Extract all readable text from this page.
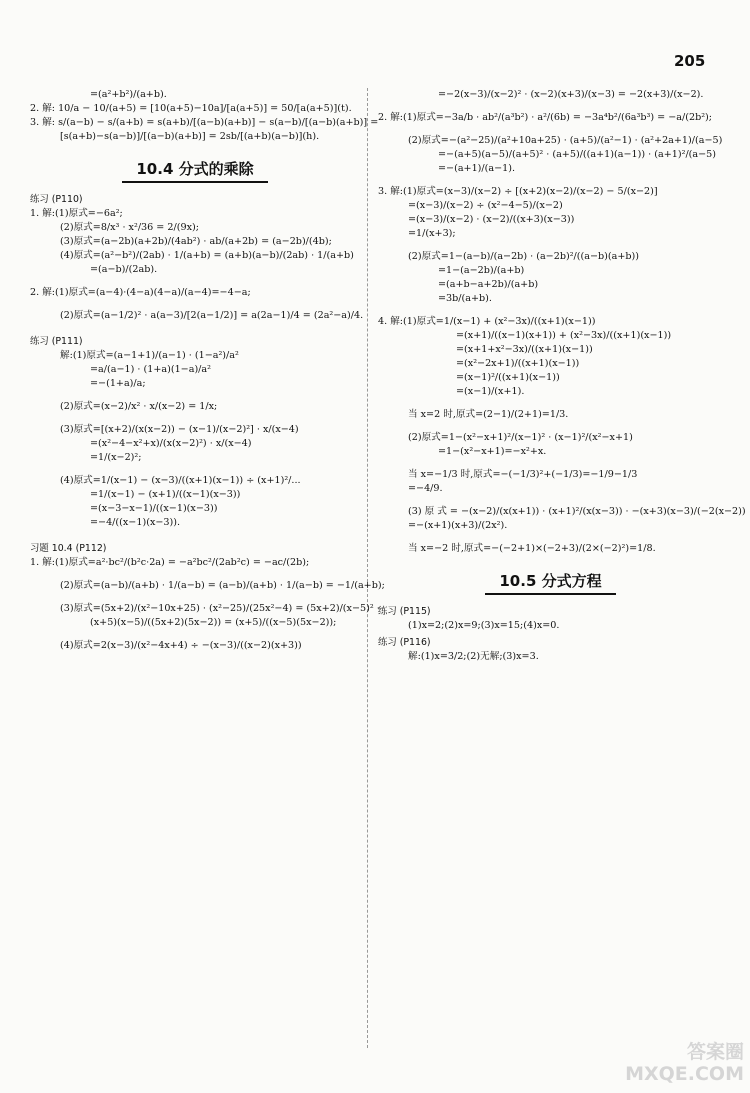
205
=(a²+b²)/(a+b).
2. 解: 10/a − 10/(a+5) = [10(a+5)−10a]/[a(a+5)] = 50/[a(a+5)](t).
3. 解: s/(a−b) − s/(a+b) = s(a+b)/[(a−b)(a+b)] − s(a−b)/[(a−b)(a+b)] =
[s(a+b)−s(a−b)]/[(a−b)(a+b)] = 2sb/[(a+b)(a−b)](h).
10.4 分式的乘除
练习 (P110)
1. 解:(1)原式=−6a²;
(2)原式=8/x³ · x²/36 = 2/(9x);
(3)原式=(a−2b)(a+2b)/(4ab²) · ab/(a+2b) = (a−2b)/(4b);
(4)原式=(a²−b²)/(2ab) · 1/(a+b) = (a+b)(a−b)/(2ab) · 1/(a+b)
=(a−b)/(2ab).
2. 解:(1)原式=(a−4)·(4−a)(4−a)/(a−4)=−4−a;
(2)原式=(a−1/2)² · a(a−3)/[2(a−1/2)] = a(2a−1)/4 = (2a²−a)/4.
练习 (P111)
解:(1)原式=(a−1+1)/(a−1) · (1−a²)/a²
=a/(a−1) · (1+a)(1−a)/a²
=−(1+a)/a;
(2)原式=(x−2)/x² · x/(x−2) = 1/x;
(3)原式=[(x+2)/(x(x−2)) − (x−1)/(x−2)²] · x/(x−4)
=(x²−4−x²+x)/(x(x−2)²) · x/(x−4)
=1/(x−2)²;
(4)原式=1/(x−1) − (x−3)/((x+1)(x−1)) ÷ (x+1)²/...
=1/(x−1) − (x+1)/((x−1)(x−3))
=(x−3−x−1)/((x−1)(x−3))
=−4/((x−1)(x−3)).
习题 10.4 (P112)
1. 解:(1)原式=a²·bc²/(b²c·2a) = −a²bc²/(2ab²c) = −ac/(2b);
(2)原式=(a−b)/(a+b) · 1/(a−b) = (a−b)/(a+b) · 1/(a−b) = −1/(a+b);
(3)原式=(5x+2)/(x²−10x+25) · (x²−25)/(25x²−4) = (5x+2)/(x−5)² ·
(x+5)(x−5)/((5x+2)(5x−2)) = (x+5)/((x−5)(5x−2));
(4)原式=2(x−3)/(x²−4x+4) ÷ −(x−3)/((x−2)(x+3))
=−2(x−3)/(x−2)² · (x−2)(x+3)/(x−3) = −2(x+3)/(x−2).
2. 解:(1)原式=−3a/b · ab²/(a³b²) · a²/(6b) = −3a⁴b²/(6a³b³) = −a/(2b²);
(2)原式=−(a²−25)/(a²+10a+25) · (a+5)/(a²−1) · (a²+2a+1)/(a−5)
=−(a+5)(a−5)/(a+5)² · (a+5)/((a+1)(a−1)) · (a+1)²/(a−5)
=−(a+1)/(a−1).
3. 解:(1)原式=(x−3)/(x−2) ÷ [(x+2)(x−2)/(x−2) − 5/(x−2)]
=(x−3)/(x−2) ÷ (x²−4−5)/(x−2)
=(x−3)/(x−2) · (x−2)/((x+3)(x−3))
=1/(x+3);
(2)原式=1−(a−b)/(a−2b) · (a−2b)²/((a−b)(a+b))
=1−(a−2b)/(a+b)
=(a+b−a+2b)/(a+b)
=3b/(a+b).
4. 解:(1)原式=1/(x−1) + (x²−3x)/((x+1)(x−1))
=(x+1)/((x−1)(x+1)) + (x²−3x)/((x+1)(x−1))
=(x+1+x²−3x)/((x+1)(x−1))
=(x²−2x+1)/((x+1)(x−1))
=(x−1)²/((x+1)(x−1))
=(x−1)/(x+1).
当 x=2 时,原式=(2−1)/(2+1)=1/3.
(2)原式=1−(x²−x+1)²/(x−1)² · (x−1)²/(x²−x+1)
=1−(x²−x+1)=−x²+x.
当 x=−1/3 时,原式=−(−1/3)²+(−1/3)=−1/9−1/3
=−4/9.
(3) 原 式 = −(x−2)/(x(x+1)) · (x+1)²/(x(x−3)) · −(x+3)(x−3)/(−2(x−2))
=−(x+1)(x+3)/(2x²).
当 x=−2 时,原式=−(−2+1)×(−2+3)/(2×(−2)²)=1/8.
10.5 分式方程
练习 (P115)
(1)x=2;(2)x=9;(3)x=15;(4)x=0.
练习 (P116)
解:(1)x=3/2;(2)无解;(3)x=3.
答案圈
MXQE.COM
